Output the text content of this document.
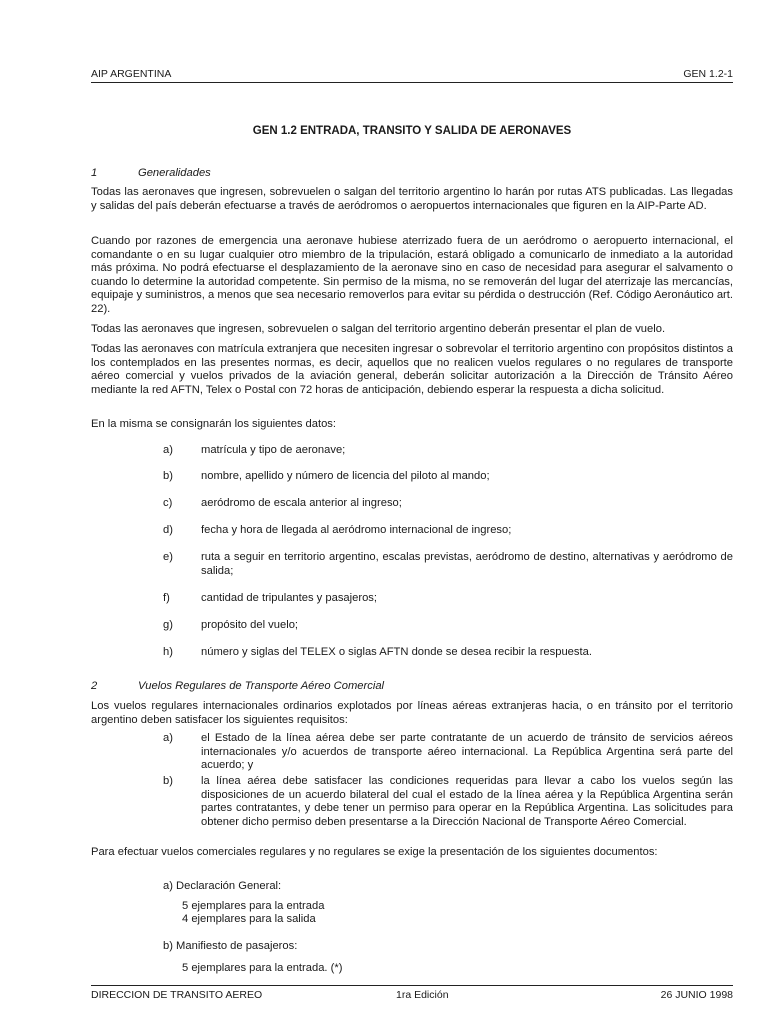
AIP ARGENTINA	GEN 1.2-1
GEN 1.2 ENTRADA, TRANSITO Y SALIDA DE AERONAVES
1	Generalidades
Todas las aeronaves que ingresen, sobrevuelen o salgan del territorio argentino lo harán por rutas ATS publicadas. Las llegadas y salidas del país deberán efectuarse a través de aeródromos o aeropuertos internacionales que figuren en la AIP-Parte AD.
Cuando por razones de emergencia una aeronave hubiese aterrizado fuera de un aeródromo o aeropuerto internacional, el comandante o en su lugar cualquier otro miembro de la tripulación, estará obligado a comunicarlo de inmediato a la autoridad más próxima. No podrá efectuarse el desplazamiento de la aeronave sino en caso de necesidad para asegurar el salvamento o cuando lo determine la autoridad competente. Sin permiso de la misma, no se removerán del lugar del aterrizaje las mercancías, equipaje y suministros, a menos que sea necesario removerlos para evitar su pérdida o destrucción (Ref. Código Aeronáutico art. 22).
Todas las aeronaves que ingresen, sobrevuelen o salgan del territorio argentino deberán presentar el plan de vuelo.
Todas las aeronaves con matrícula extranjera que necesiten ingresar o sobrevolar el territorio argentino con propósitos distintos a los contemplados en las presentes normas, es decir, aquellos que no realicen vuelos regulares o no regulares de transporte aéreo comercial y vuelos privados de la aviación general, deberán solicitar autorización a la Dirección de Tránsito Aéreo mediante la red AFTN, Telex o Postal con 72 horas de anticipación, debiendo esperar la respuesta a dicha solicitud.
En la misma se consignarán los siguientes datos:
a)	matrícula y tipo de aeronave;
b)	nombre, apellido y número de licencia del piloto al mando;
c)	aeródromo de escala anterior al ingreso;
d)	fecha y hora de llegada al aeródromo internacional de ingreso;
e)	ruta a seguir en territorio argentino, escalas previstas, aeródromo de destino, alternativas y aeródromo de salida;
f)	cantidad de tripulantes y pasajeros;
g)	propósito del vuelo;
h)	número y siglas del TELEX o siglas AFTN donde se desea recibir la respuesta.
2	Vuelos Regulares de Transporte Aéreo Comercial
Los vuelos regulares internacionales ordinarios explotados por líneas aéreas extranjeras hacia, o en tránsito por el territorio argentino deben satisfacer los siguientes requisitos:
a)	el Estado de la línea aérea debe ser parte contratante de un acuerdo de tránsito de servicios aéreos internacionales y/o acuerdos de transporte aéreo internacional. La República Argentina será parte del acuerdo; y
b)	la línea aérea debe satisfacer las condiciones requeridas para llevar a cabo los vuelos según las disposiciones de un acuerdo bilateral del cual el estado de la línea aérea y la República Argentina serán partes contratantes, y debe tener un permiso para operar en la República Argentina. Las solicitudes para obtener dicho permiso deben presentarse a la Dirección Nacional de Transporte Aéreo Comercial.
Para efectuar vuelos comerciales regulares y no regulares se exige la presentación de los siguientes documentos:
a) Declaración General:
5 ejemplares para la entrada
4 ejemplares para la salida
b) Manifiesto de pasajeros:
5 ejemplares para la entrada. (*)
DIRECCION DE TRANSITO AEREO	1ra Edición	26 JUNIO 1998
